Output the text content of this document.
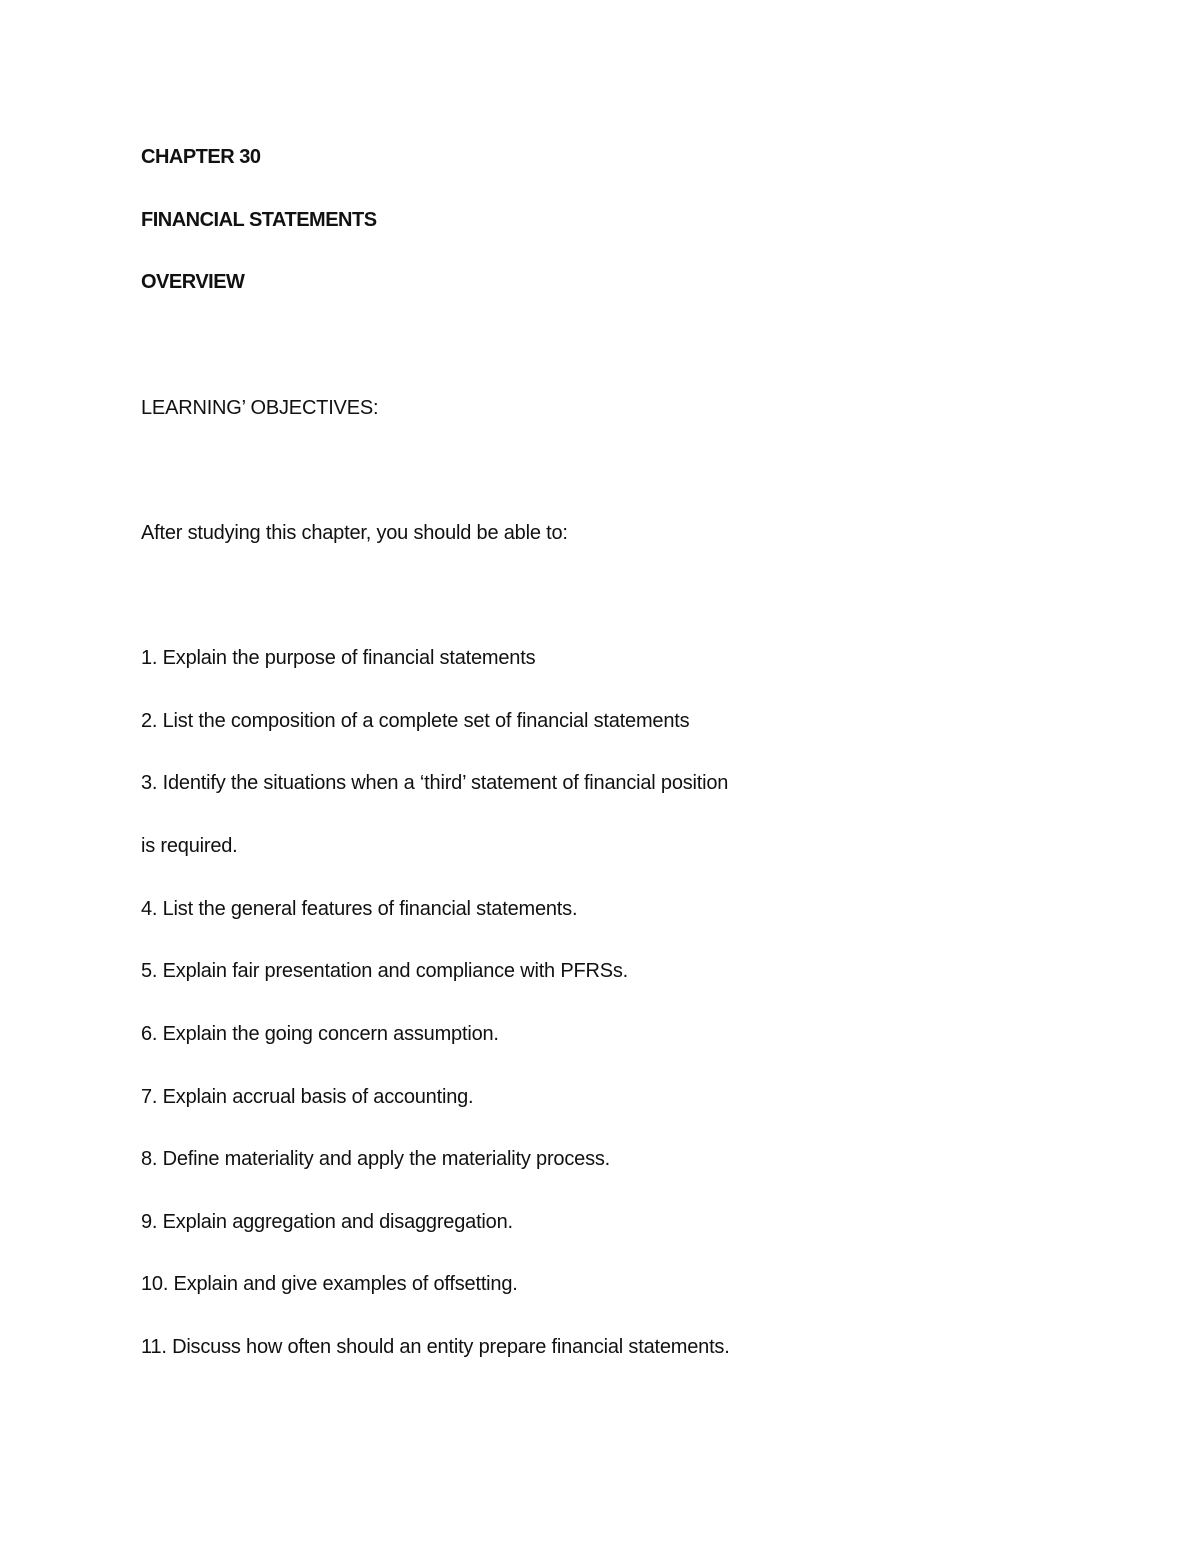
CHAPTER 30

FINANCIAL STATEMENTS

OVERVIEW

LEARNING’ OBJECTIVES:

After studying this chapter, you should be able to:

1. Explain the purpose of financial statements

2. List the composition of a complete set of financial statements

3. Identify the situations when a ‘third’ statement of financial position

is required.

4. List the general features of financial statements.

5. Explain fair presentation and compliance with PFRSs.

6. Explain the going concern assumption.

7. Explain accrual basis of accounting.

8. Define materiality and apply the materiality process.

9. Explain aggregation and disaggregation.

10. Explain and give examples of offsetting.

11. Discuss how often should an entity prepare financial statements.
